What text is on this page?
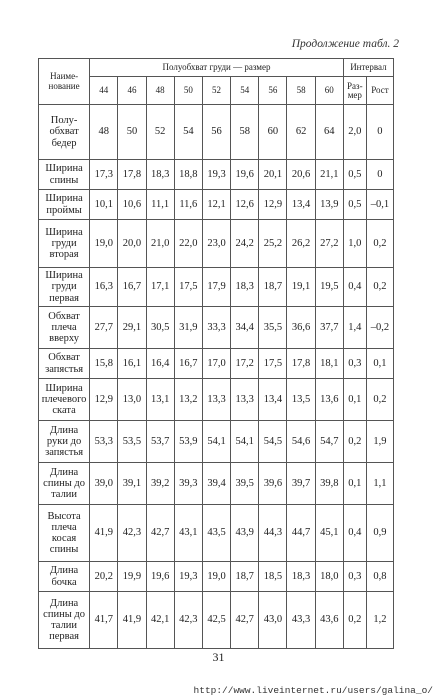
Продолжение табл. 2
Наиме-нование	Полуобхват груди — размер									Интервал	
	44	46	48	50	52	54	56	58	60	Раз-мер	Рост
Полу-обхват бедер	48	50	52	54	56	58	60	62	64	2,0	0
Ширина спины	17,3	17,8	18,3	18,8	19,3	19,6	20,1	20,6	21,1	0,5	0
Ширина проймы	10,1	10,6	11,1	11,6	12,1	12,6	12,9	13,4	13,9	0,5	–0,1
Ширина груди вторая	19,0	20,0	21,0	22,0	23,0	24,2	25,2	26,2	27,2	1,0	0,2
Ширина груди первая	16,3	16,7	17,1	17,5	17,9	18,3	18,7	19,1	19,5	0,4	0,2
Обхват плеча вверху	27,7	29,1	30,5	31,9	33,3	34,4	35,5	36,6	37,7	1,4	–0,2
Обхват запястья	15,8	16,1	16,4	16,7	17,0	17,2	17,5	17,8	18,1	0,3	0,1
Ширина плечевого ската	12,9	13,0	13,1	13,2	13,3	13,3	13,4	13,5	13,6	0,1	0,2
Длина руки до запястья	53,3	53,5	53,7	53,9	54,1	54,1	54,5	54,6	54,7	0,2	1,9
Длина спины до талии	39,0	39,1	39,2	39,3	39,4	39,5	39,6	39,7	39,8	0,1	1,1
Высота плеча косая спины	41,9	42,3	42,7	43,1	43,5	43,9	44,3	44,7	45,1	0,4	0,9
Длина бочка	20,2	19,9	19,6	19,3	19,0	18,7	18,5	18,3	18,0	0,3	0,8
Длина спины до талии первая	41,7	41,9	42,1	42,3	42,5	42,7	43,0	43,3	43,6	0,2	1,2
31
http://www.liveinternet.ru/users/galina_o/
